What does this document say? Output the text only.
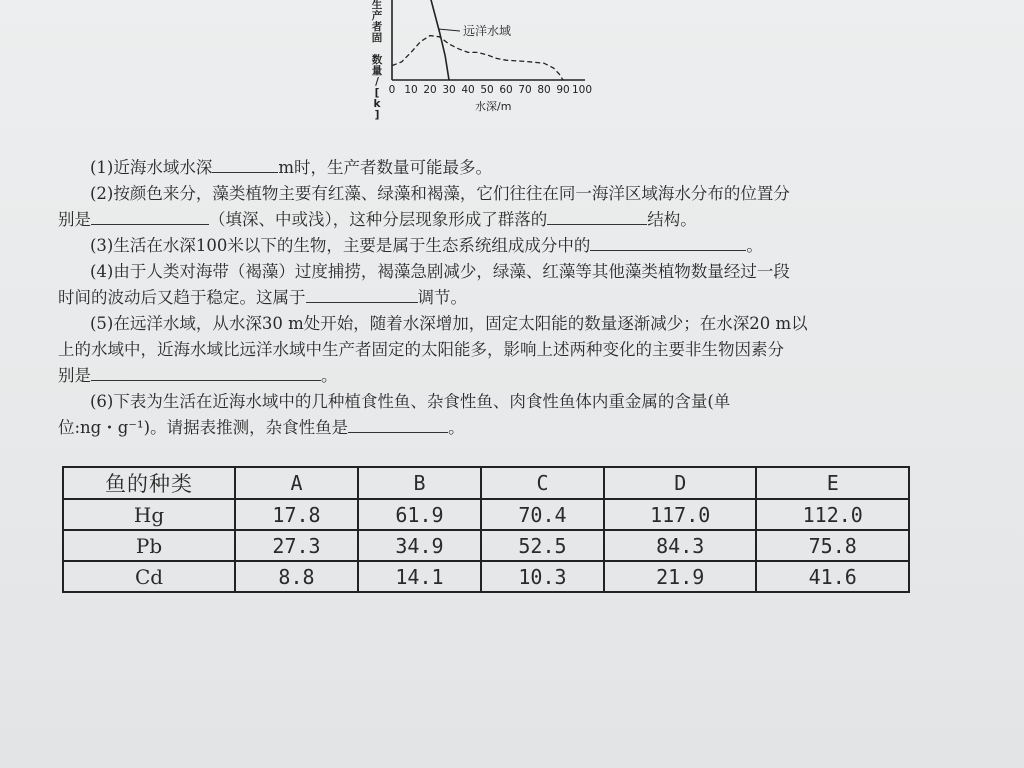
生
产
者
固
数
量
/
[
k
]
0 10 20 30 40 50 60 70 80 90 100
远洋水域
水深/m
(1)近海水域水深	m时，生产者数量可能最多。
(2)按颜色来分，藻类植物主要有红藻、绿藻和褐藻，它们往往在同一海洋区域海水分布的位置分
别是	（填深、中或浅），这种分层现象形成了群落的	结构。
(3)生活在水深100米以下的生物，主要是属于生态系统组成成分中的	。
(4)由于人类对海带（褐藻）过度捕捞，褐藻急剧减少，绿藻、红藻等其他藻类植物数量经过一段
时间的波动后又趋于稳定。这属于	调节。
(5)在远洋水域，从水深30 m处开始，随着水深增加，固定太阳能的数量逐渐减少；在水深20 m以
上的水域中，近海水域比远洋水域中生产者固定的太阳能多，影响上述两种变化的主要非生物因素分
别是	。
(6)下表为生活在近海水域中的几种植食性鱼、杂食性鱼、肉食性鱼体内重金属的含量(单
位:ng・g⁻¹)。请据表推测，杂食性鱼是	。
鱼的种类	A	B	C	D	E
Hg	17.8	61.9	70.4	117.0	112.0
Pb	27.3	34.9	52.5	84.3	75.8
Cd	8.8	14.1	10.3	21.9	41.6
